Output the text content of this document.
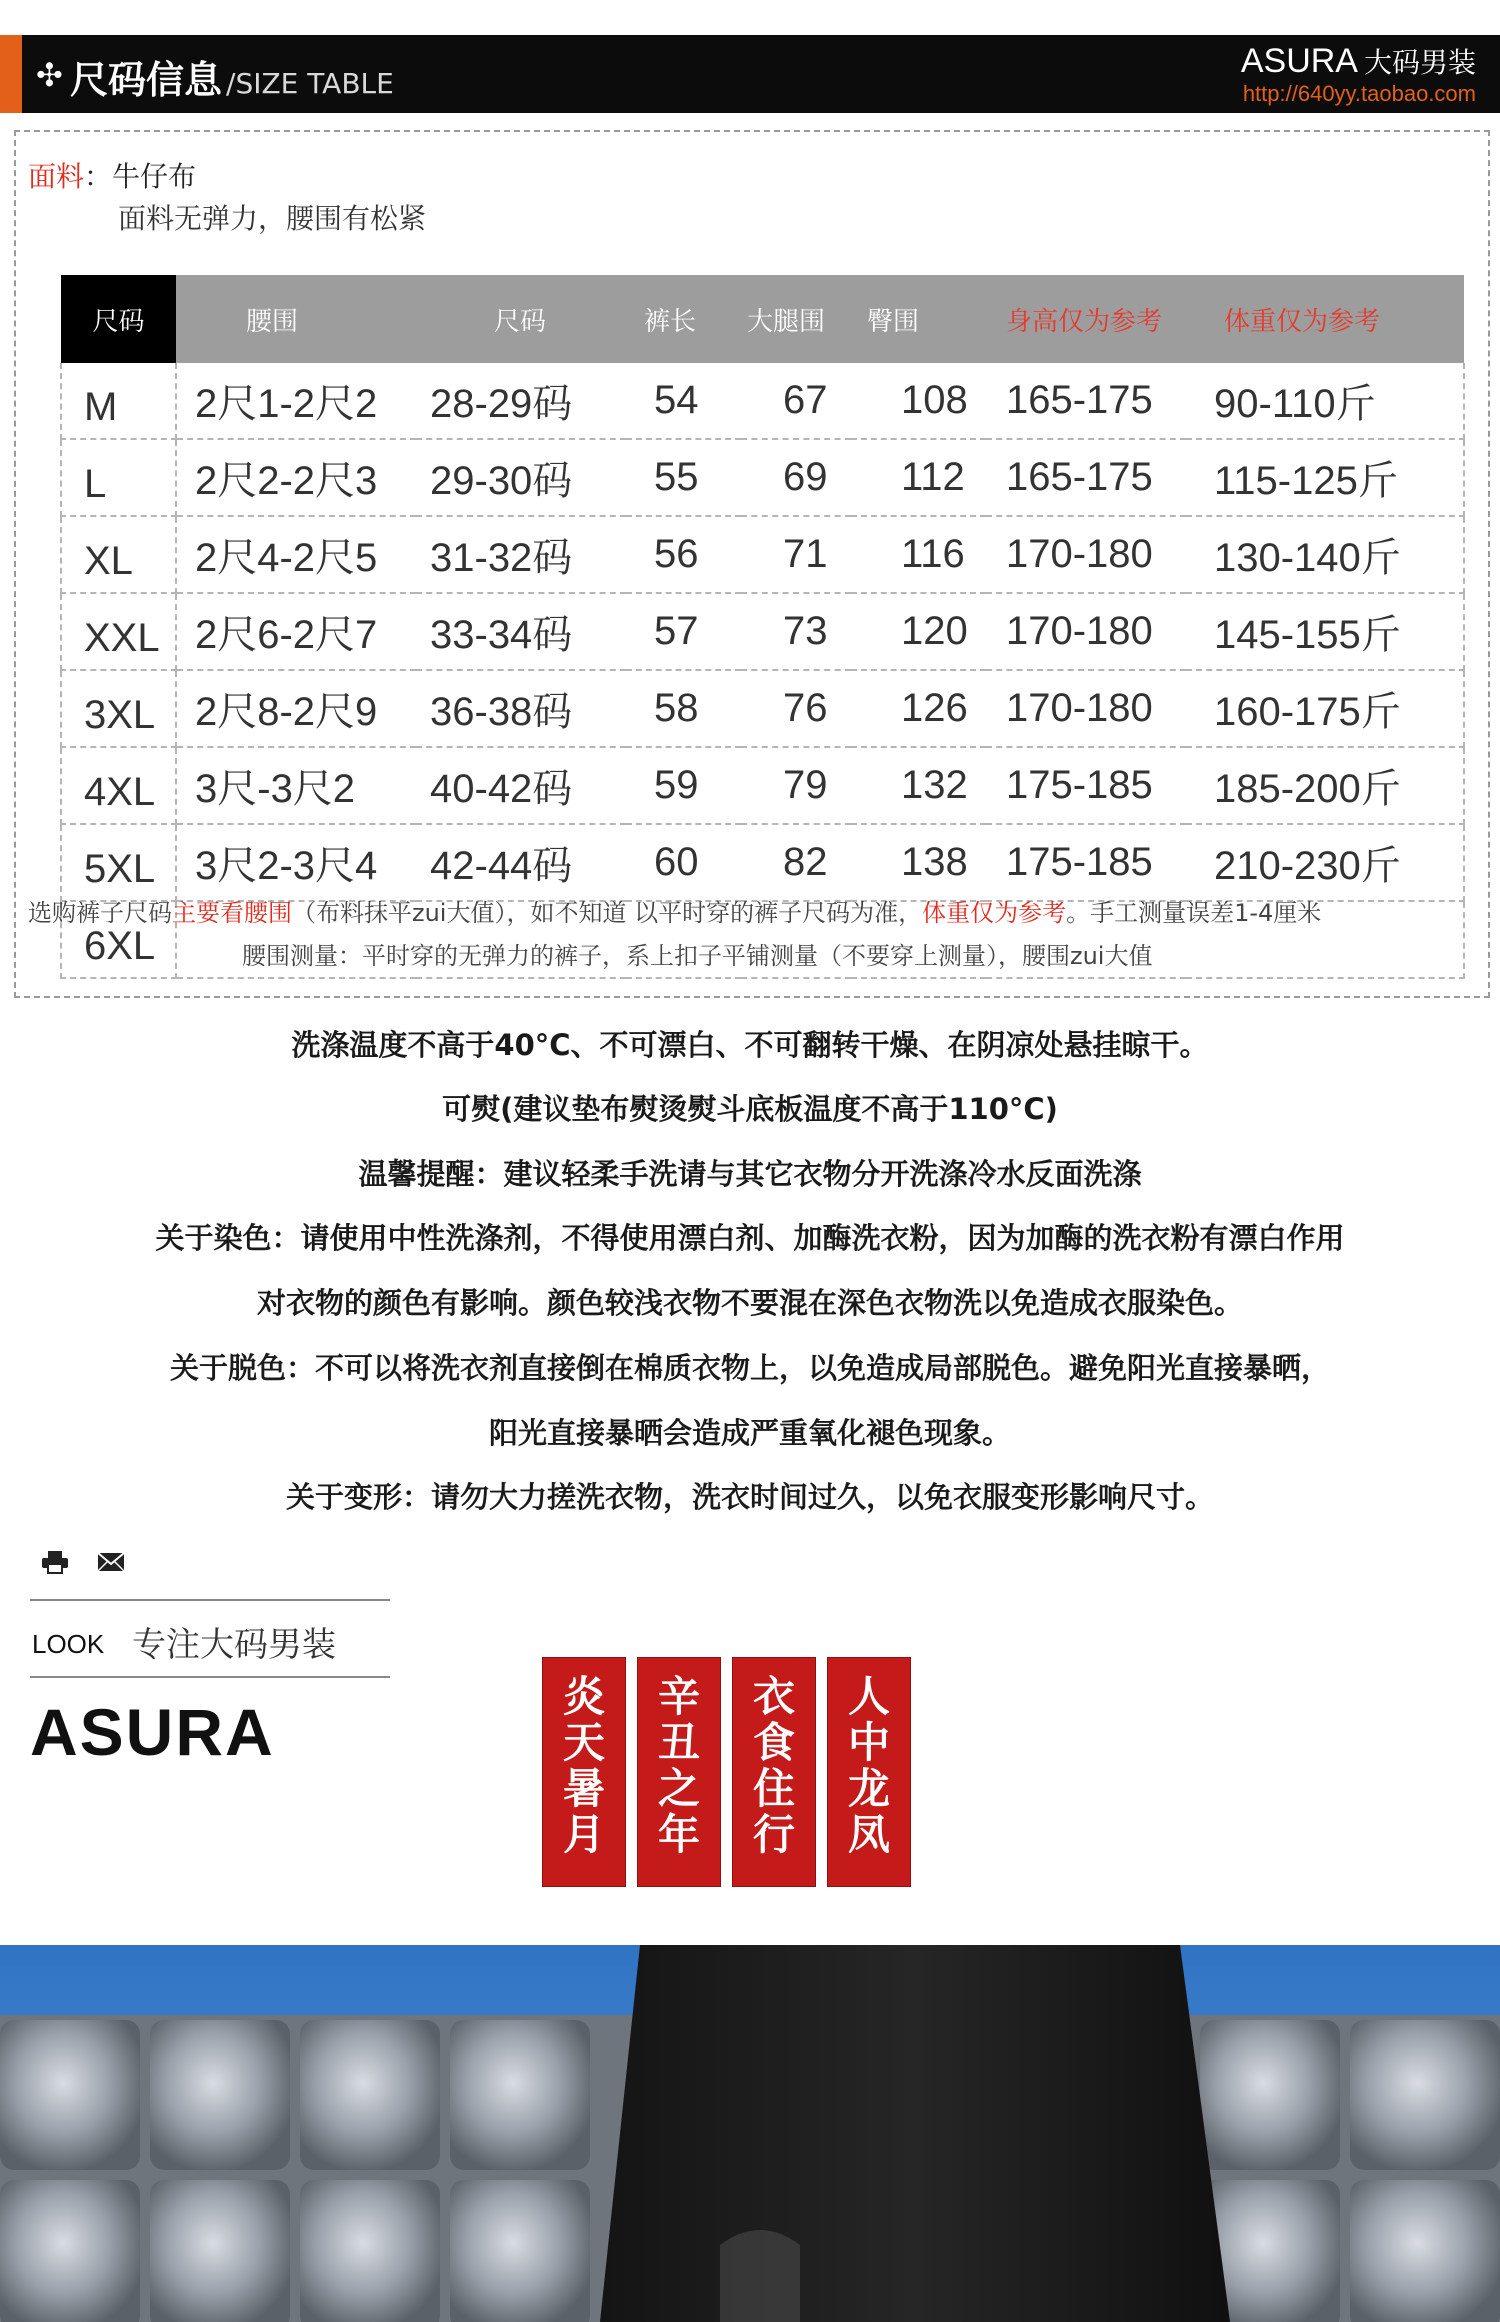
✣ 尺码信息 /SIZE TABLE
ASURA 大码男装
http://640yy.taobao.com
面料：牛仔布
面料无弹力，腰围有松紧
尺码	腰围	尺码	裤长	大腿围	臀围	身高仅为参考	体重仅为参考
M	2尺1-2尺2	28-29码	54	67	108	165-175	90-110斤
L	2尺2-2尺3	29-30码	55	69	112	165-175	115-125斤
XL	2尺4-2尺5	31-32码	56	71	116	170-180	130-140斤
XXL	2尺6-2尺7	33-34码	57	73	120	170-180	145-155斤
3XL	2尺8-2尺9	36-38码	58	76	126	170-180	160-175斤
4XL	3尺-3尺2	40-42码	59	79	132	175-185	185-200斤
5XL	3尺2-3尺4	42-44码	60	82	138	175-185	210-230斤
6XL							
选购裤子尺码主要看腰围（布料抹平zui大值），如不知道 以平时穿的裤子尺码为准，体重仅为参考。手工测量误差1-4厘米
腰围测量：平时穿的无弹力的裤子，系上扣子平铺测量（不要穿上测量），腰围zui大值
洗涤温度不高于40°C、不可漂白、不可翻转干燥、在阴凉处悬挂晾干。
可熨(建议垫布熨烫熨斗底板温度不高于110°C)
温馨提醒：建议轻柔手洗请与其它衣物分开洗涤冷水反面洗涤
关于染色：请使用中性洗涤剂，不得使用漂白剂、加酶洗衣粉，因为加酶的洗衣粉有漂白作用
对衣物的颜色有影响。颜色较浅衣物不要混在深色衣物洗以免造成衣服染色。
关于脱色：不可以将洗衣剂直接倒在棉质衣物上，以免造成局部脱色。避免阳光直接暴晒，
阳光直接暴晒会造成严重氧化褪色现象。
关于变形：请勿大力搓洗衣物，洗衣时间过久，以免衣服变形影响尺寸。
LOOK 专注大码男装
ASURA	炎
天
暑
月
辛
丑
之
年
衣
食
住
行
人
中
龙
凤
